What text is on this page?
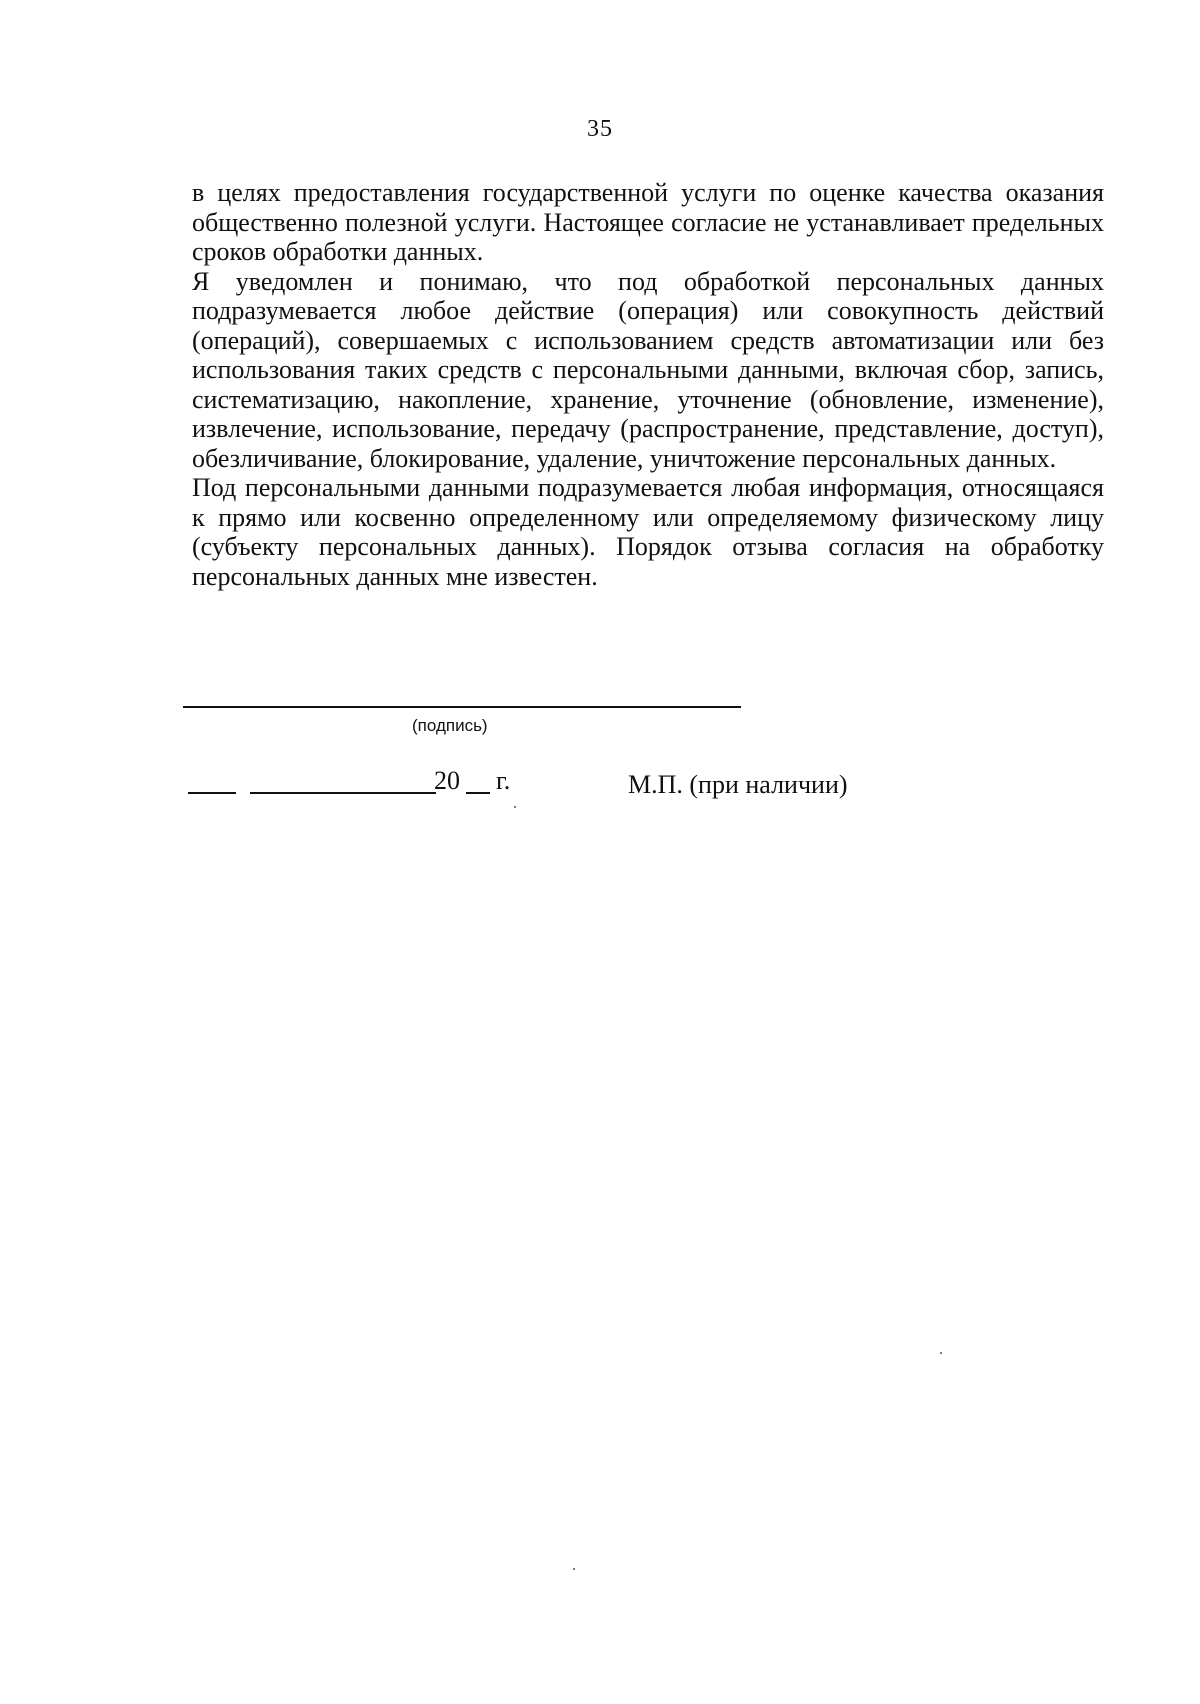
35

в целях предоставления государственной услуги по оценке качества оказания общественно полезной услуги. Настоящее согласие не устанавливает предельных сроков обработки данных.

Я уведомлен и понимаю, что под обработкой персональных данных подразумевается любое действие (операция) или совокупность действий (операций), совершаемых с использованием средств автоматизации или без использования таких средств с персональными данными, включая сбор, запись, систематизацию, накопление, хранение, уточнение (обновление, изменение), извлечение, использование, передачу (распространение, представление, доступ), обезличивание, блокирование, удаление, уничтожение персональных данных.

Под персональными данными подразумевается любая информация, относящаяся к прямо или косвенно определенному или определяемому физическому лицу (субъекту персональных данных). Порядок отзыва согласия на обработку персональных данных мне известен.

(подпись)
20 г.	М.П. (при наличии)
